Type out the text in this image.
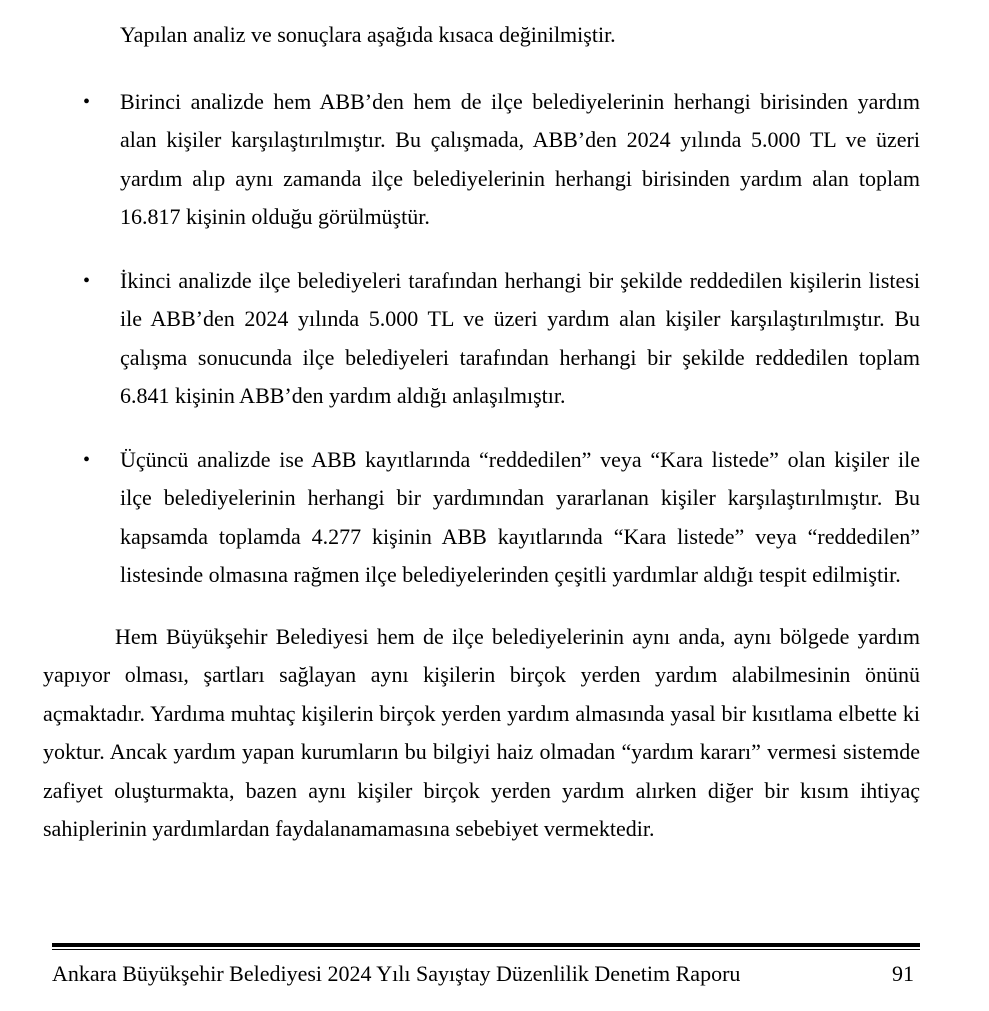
Yapılan analiz ve sonuçlara aşağıda kısaca değinilmiştir.

• Birinci analizde hem ABB’den hem de ilçe belediyelerinin herhangi birisinden yardım alan kişiler karşılaştırılmıştır. Bu çalışmada, ABB’den 2024 yılında 5.000 TL ve üzeri yardım alıp aynı zamanda ilçe belediyelerinin herhangi birisinden yardım alan toplam 16.817 kişinin olduğu görülmüştür.
• İkinci analizde ilçe belediyeleri tarafından herhangi bir şekilde reddedilen kişilerin listesi ile ABB’den 2024 yılında 5.000 TL ve üzeri yardım alan kişiler karşılaştırılmıştır. Bu çalışma sonucunda ilçe belediyeleri tarafından herhangi bir şekilde reddedilen toplam 6.841 kişinin ABB’den yardım aldığı anlaşılmıştır.
• Üçüncü analizde ise ABB kayıtlarında “reddedilen” veya “Kara listede” olan kişiler ile ilçe belediyelerinin herhangi bir yardımından yararlanan kişiler karşılaştırılmıştır. Bu kapsamda toplamda 4.277 kişinin ABB kayıtlarında “Kara listede” veya “reddedilen” listesinde olmasına rağmen ilçe belediyelerinden çeşitli yardımlar aldığı tespit edilmiştir.

Hem Büyükşehir Belediyesi hem de ilçe belediyelerinin aynı anda, aynı bölgede yardım yapıyor olması, şartları sağlayan aynı kişilerin birçok yerden yardım alabilmesinin önünü açmaktadır. Yardıma muhtaç kişilerin birçok yerden yardım almasında yasal bir kısıtlama elbette ki yoktur. Ancak yardım yapan kurumların bu bilgiyi haiz olmadan “yardım kararı” vermesi sistemde zafiyet oluşturmakta, bazen aynı kişiler birçok yerden yardım alırken diğer bir kısım ihtiyaç sahiplerinin yardımlardan faydalanamamasına sebebiyet vermektedir.

Ankara Büyükşehir Belediyesi 2024 Yılı Sayıştay Düzenlilik Denetim Raporu	91
